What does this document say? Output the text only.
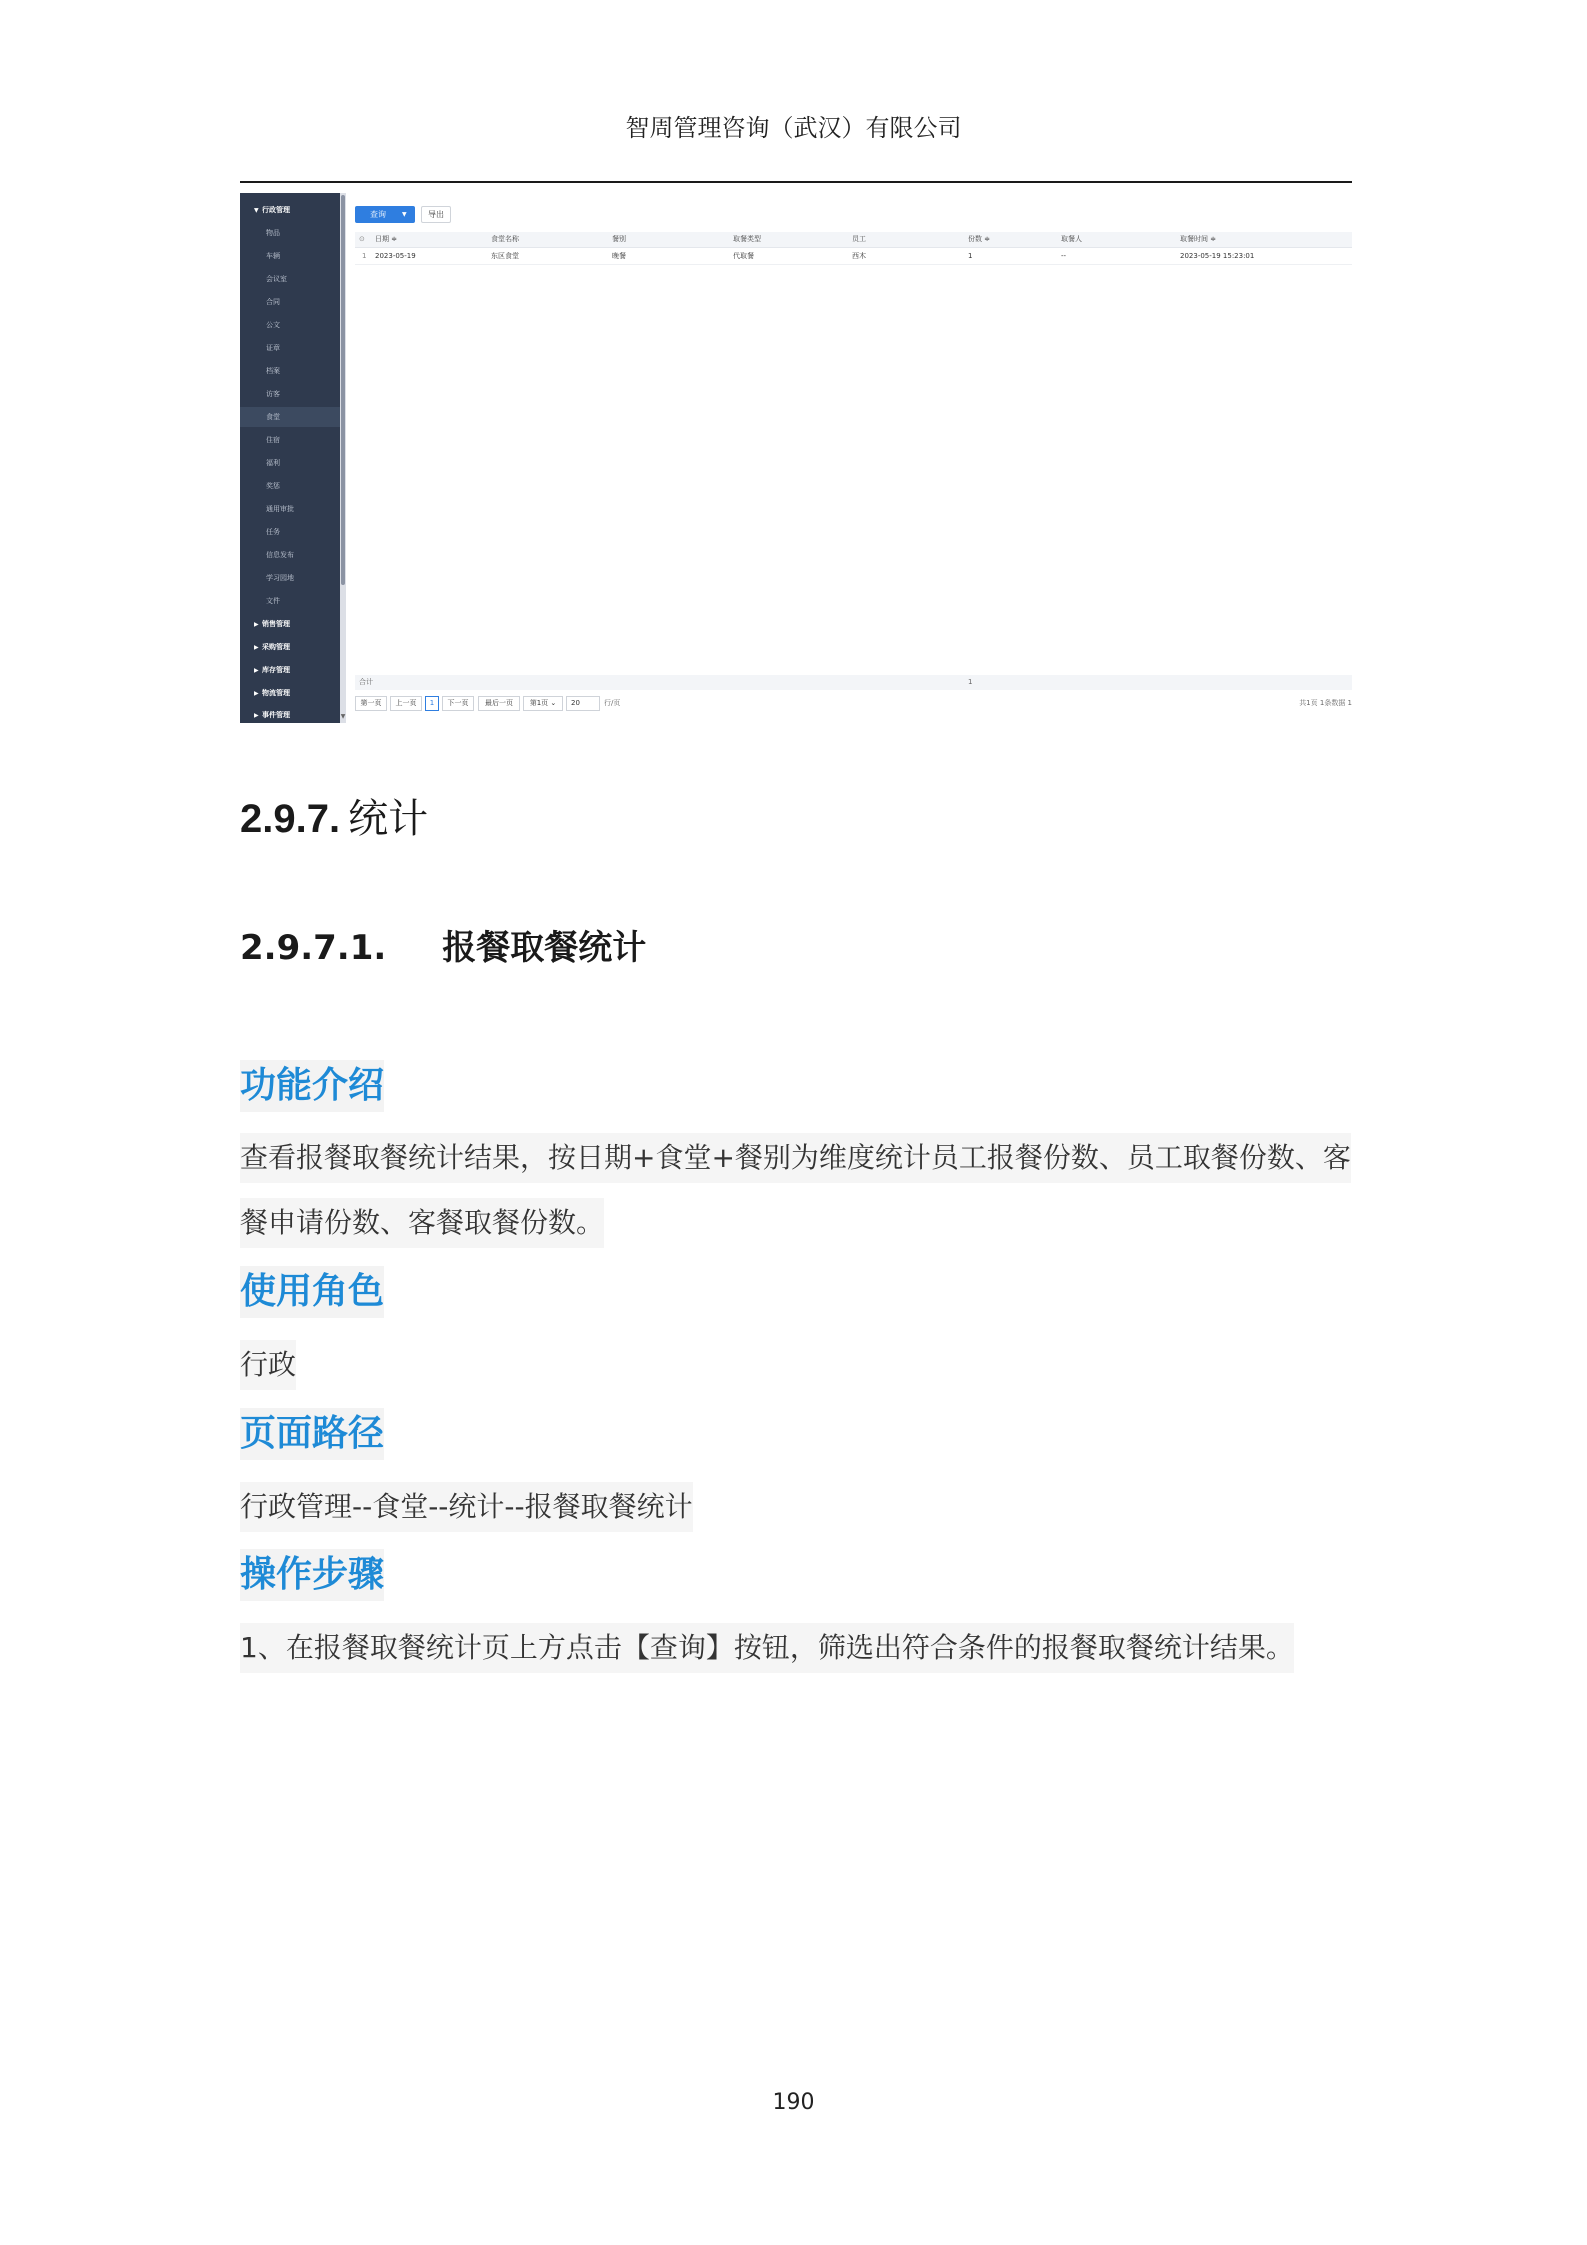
智周管理咨询（武汉）有限公司
▼ 行政管理
物品
车辆
会议室
合同
公文
证章
档案
访客
食堂
住宿
福利
奖惩
通用审批
任务
信息发布
学习园地
文件
▶ 销售管理
▶ 采购管理
▶ 库存管理
▶ 物流管理
▶ 事件管理
查询	▼	导出
⊙ 日期 ≑	食堂名称	餐别	取餐类型	员工	份数 ≑	取餐人	取餐时间 ≑
1 2023-05-19	东区食堂	晚餐	代取餐	西木	1	--	2023-05-19 15:23:01
合计	1
第一页	上一页	1	下一页	最后一页	第1页 ⌄	20	行/页	共1页 1条数据 1
▼
2.9.7. 统计
2.9.7.1. 报餐取餐统计
功能介绍
查看报餐取餐统计结果，按日期+食堂+餐别为维度统计员工报餐份数、员工取餐份数、客
餐申请份数、客餐取餐份数。
使用角色
行政
页面路径
行政管理--食堂--统计--报餐取餐统计
操作步骤
1、在报餐取餐统计页上方点击【查询】按钮，筛选出符合条件的报餐取餐统计结果。
190
